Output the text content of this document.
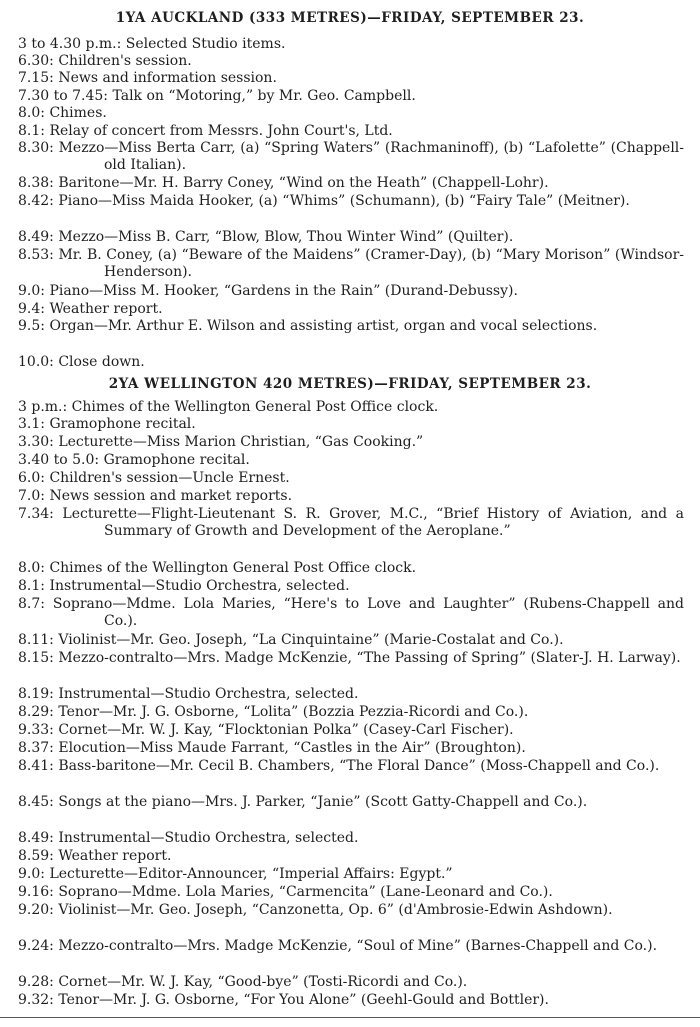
1YA AUCKLAND (333 METRES)—FRIDAY, SEPTEMBER 23.
3 to 4.30 p.m.: Selected Studio items.
6.30: Children's session.
7.15: News and information session.
7.30 to 7.45: Talk on “Motoring,” by Mr. Geo. Campbell.
8.0: Chimes.
8.1: Relay of concert from Messrs. John Court's, Ltd.
8.30: Mezzo—Miss Berta Carr, (a) “Spring Waters” (Rachmaninoff), (b) “Lafolette” (Chappell-old Italian).
8.38: Baritone—Mr. H. Barry Coney, “Wind on the Heath” (Chappell-Lohr).
8.42: Piano—Miss Maida Hooker, (a) “Whims” (Schumann), (b) “Fairy Tale” (Meitner).
8.49: Mezzo—Miss B. Carr, “Blow, Blow, Thou Winter Wind” (Quilter).
8.53: Mr. B. Coney, (a) “Beware of the Maidens” (Cramer-Day), (b) “Mary Morison” (Windsor-Henderson).
9.0: Piano—Miss M. Hooker, “Gardens in the Rain” (Durand-Debussy).
9.4: Weather report.
9.5: Organ—Mr. Arthur E. Wilson and assisting artist, organ and vocal selections.
10.0: Close down.
2YA WELLINGTON 420 METRES)—FRIDAY, SEPTEMBER 23.
3 p.m.: Chimes of the Wellington General Post Office clock.
3.1: Gramophone recital.
3.30: Lecturette—Miss Marion Christian, “Gas Cooking.”
3.40 to 5.0: Gramophone recital.
6.0: Children's session—Uncle Ernest.
7.0: News session and market reports.
7.34: Lecturette—Flight-Lieutenant S. R. Grover, M.C., “Brief History of Aviation, and a Summary of Growth and Development of the Aeroplane.”
8.0: Chimes of the Wellington General Post Office clock.
8.1: Instrumental—Studio Orchestra, selected.
8.7: Soprano—Mdme. Lola Maries, “Here's to Love and Laughter” (Rubens-Chappell and Co.).
8.11: Violinist—Mr. Geo. Joseph, “La Cinquintaine” (Marie-Costalat and Co.).
8.15: Mezzo-contralto—Mrs. Madge McKenzie, “The Passing of Spring” (Slater-J. H. Larway).
8.19: Instrumental—Studio Orchestra, selected.
8.29: Tenor—Mr. J. G. Osborne, “Lolita” (Bozzia Pezzia-Ricordi and Co.).
9.33: Cornet—Mr. W. J. Kay, “Flocktonian Polka” (Casey-Carl Fischer).
8.37: Elocution—Miss Maude Farrant, “Castles in the Air” (Broughton).
8.41: Bass-baritone—Mr. Cecil B. Chambers, “The Floral Dance” (Moss-Chappell and Co.).
8.45: Songs at the piano—Mrs. J. Parker, “Janie” (Scott Gatty-Chappell and Co.).
8.49: Instrumental—Studio Orchestra, selected.
8.59: Weather report.
9.0: Lecturette—Editor-Announcer, “Imperial Affairs: Egypt.”
9.16: Soprano—Mdme. Lola Maries, “Carmencita” (Lane-Leonard and Co.).
9.20: Violinist—Mr. Geo. Joseph, “Canzonetta, Op. 6” (d'Ambrosie-Edwin Ashdown).
9.24: Mezzo-contralto—Mrs. Madge McKenzie, “Soul of Mine” (Barnes-Chappell and Co.).
9.28: Cornet—Mr. W. J. Kay, “Good-bye” (Tosti-Ricordi and Co.).
9.32: Tenor—Mr. J. G. Osborne, “For You Alone” (Geehl-Gould and Bottler).
